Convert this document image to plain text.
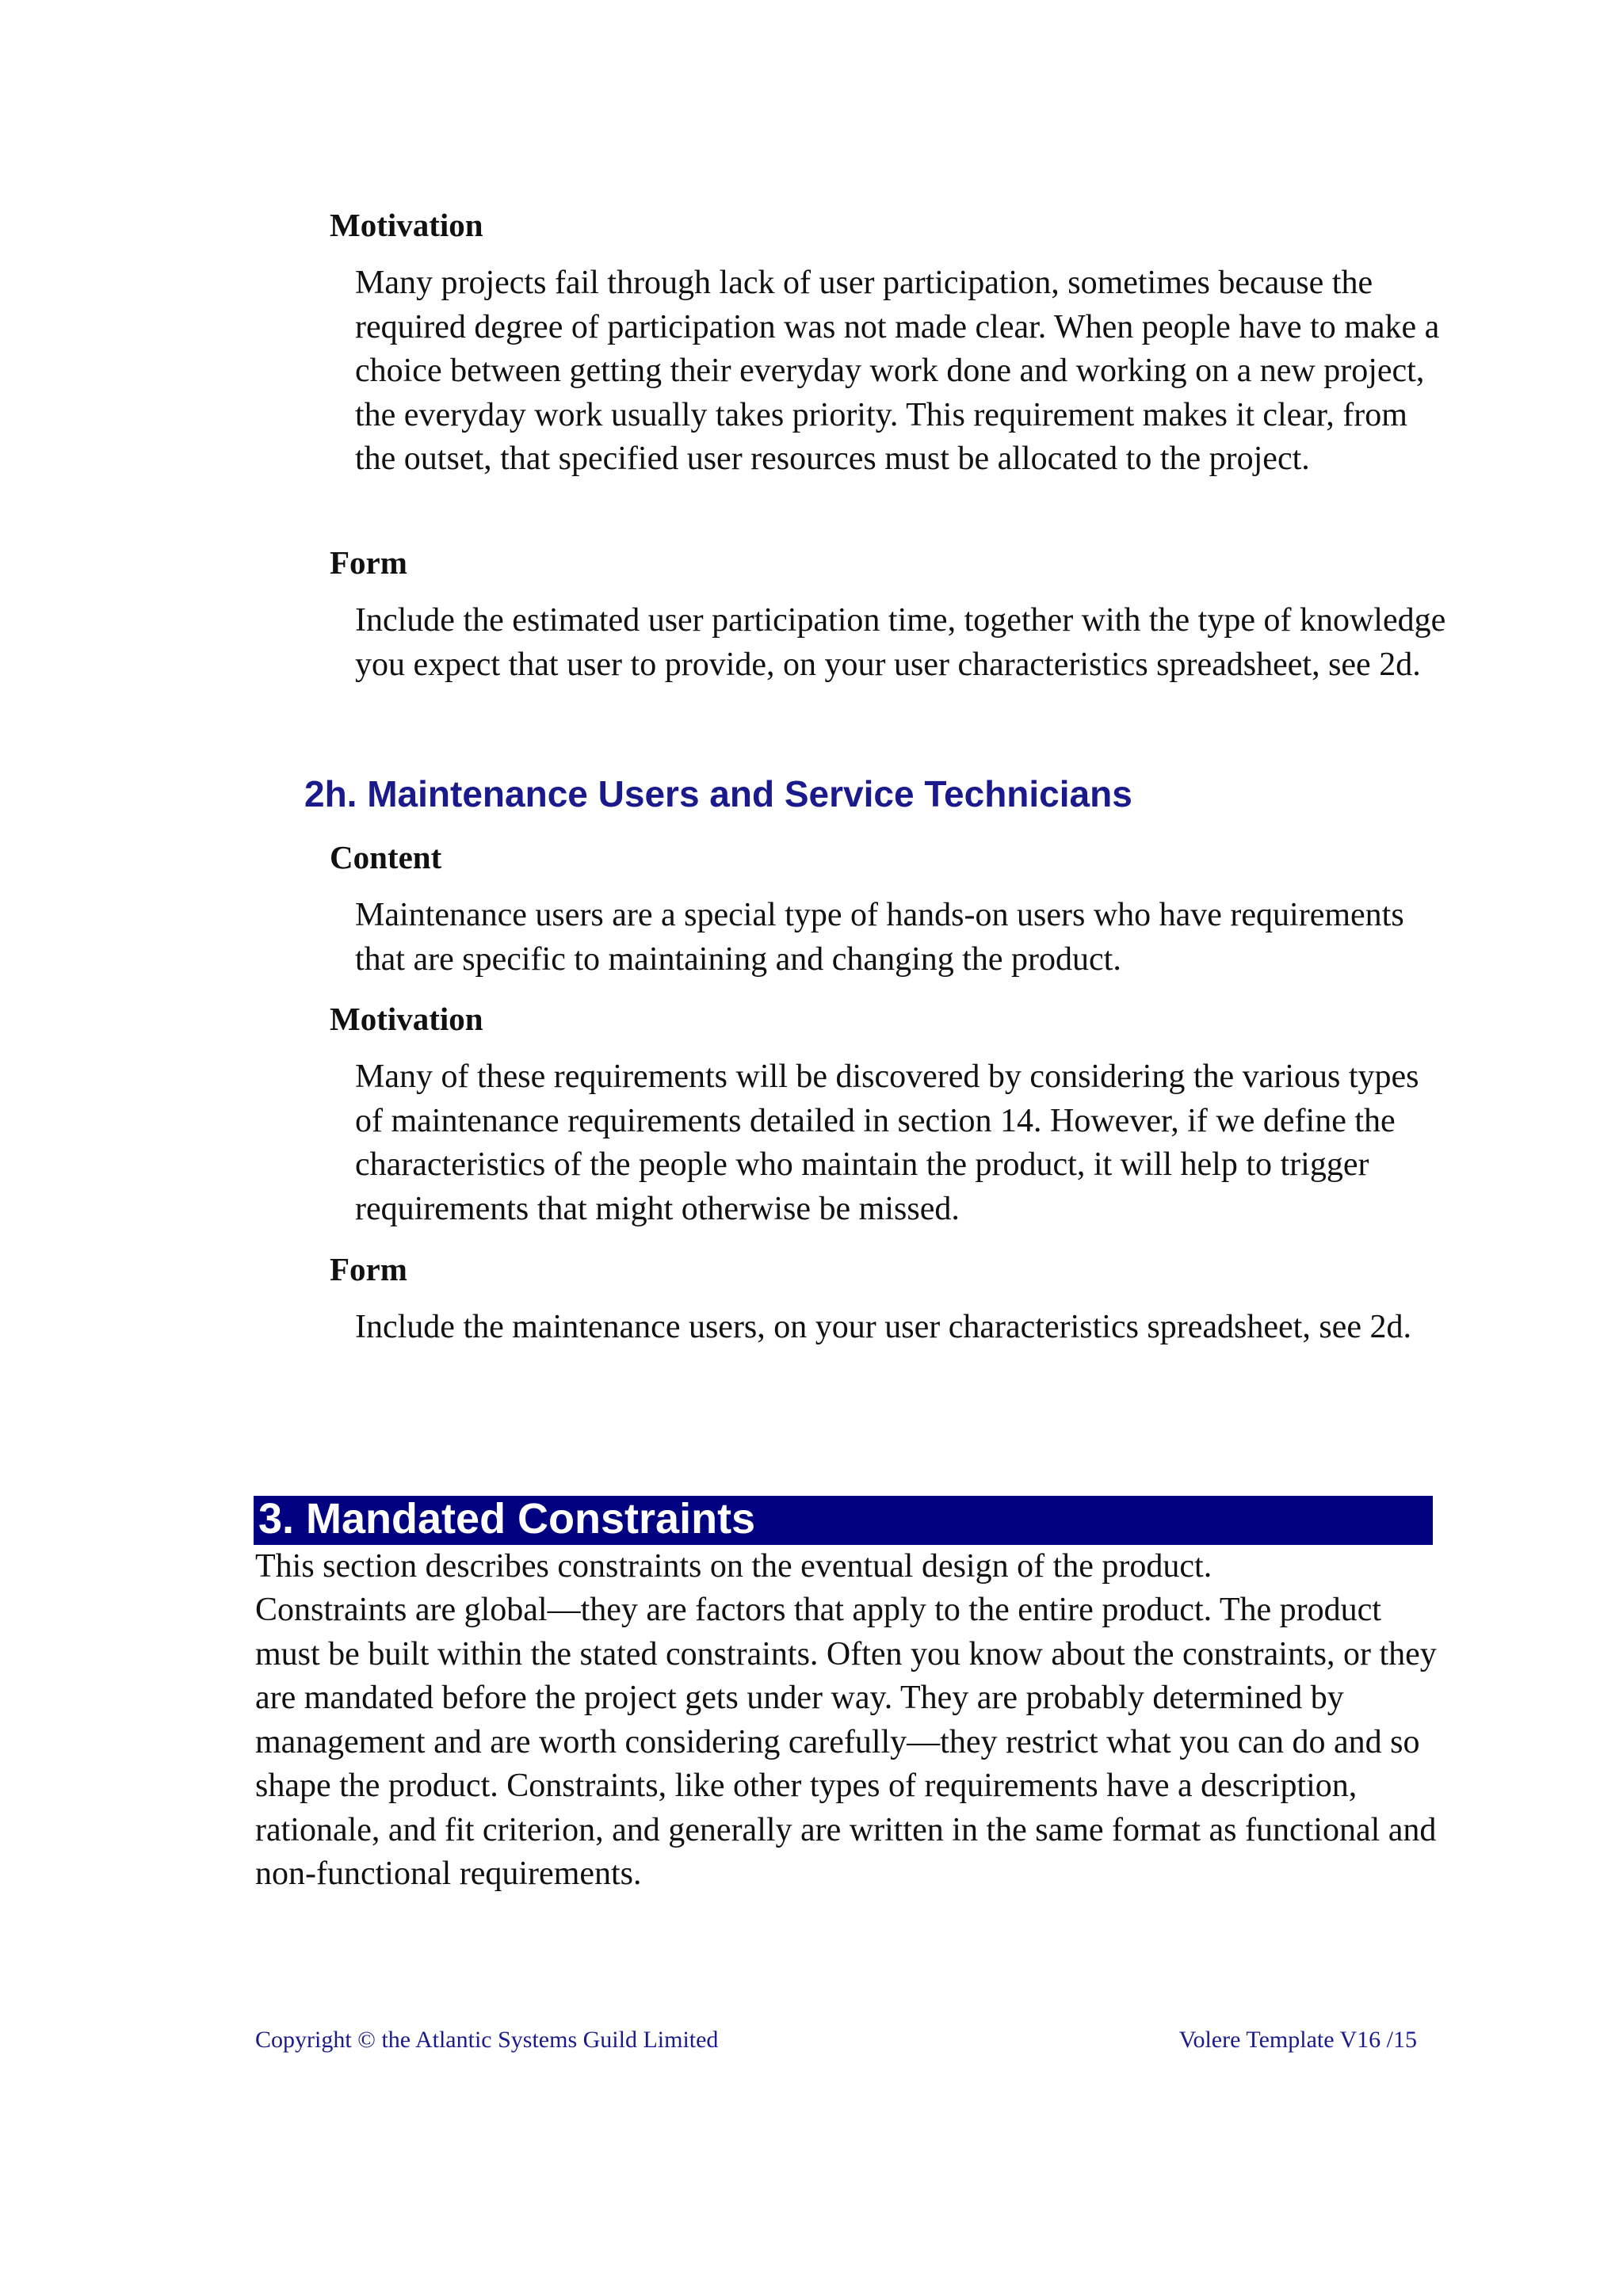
Motivation

Many projects fail through lack of user participation, sometimes because the required degree of participation was not made clear. When people have to make a choice between getting their everyday work done and working on a new project, the everyday work usually takes priority. This requirement makes it clear, from the outset, that specified user resources must be allocated to the project.

Form

Include the estimated user participation time, together with the type of knowledge you expect that user to provide, on your user characteristics spreadsheet, see 2d.

2h. Maintenance Users and Service Technicians
Content

Maintenance users are a special type of hands-on users who have requirements that are specific to maintaining and changing the product.

Motivation

Many of these requirements will be discovered by considering the various types of maintenance requirements detailed in section 14. However, if we define the characteristics of the people who maintain the product, it will help to trigger requirements that might otherwise be missed.

Form

Include the maintenance users, on your user characteristics spreadsheet, see 2d.

3. Mandated Constraints

This section describes constraints on the eventual design of the product.

Constraints are global—they are factors that apply to the entire product. The product must be built within the stated constraints. Often you know about the constraints, or they are mandated before the project gets under way. They are probably determined by management and are worth considering carefully—they restrict what you can do and so shape the product. Constraints, like other types of requirements have a description, rationale, and fit criterion, and generally are written in the same format as functional and non-functional requirements.

Copyright © the Atlantic Systems Guild Limited	Volere Template V16 /15
